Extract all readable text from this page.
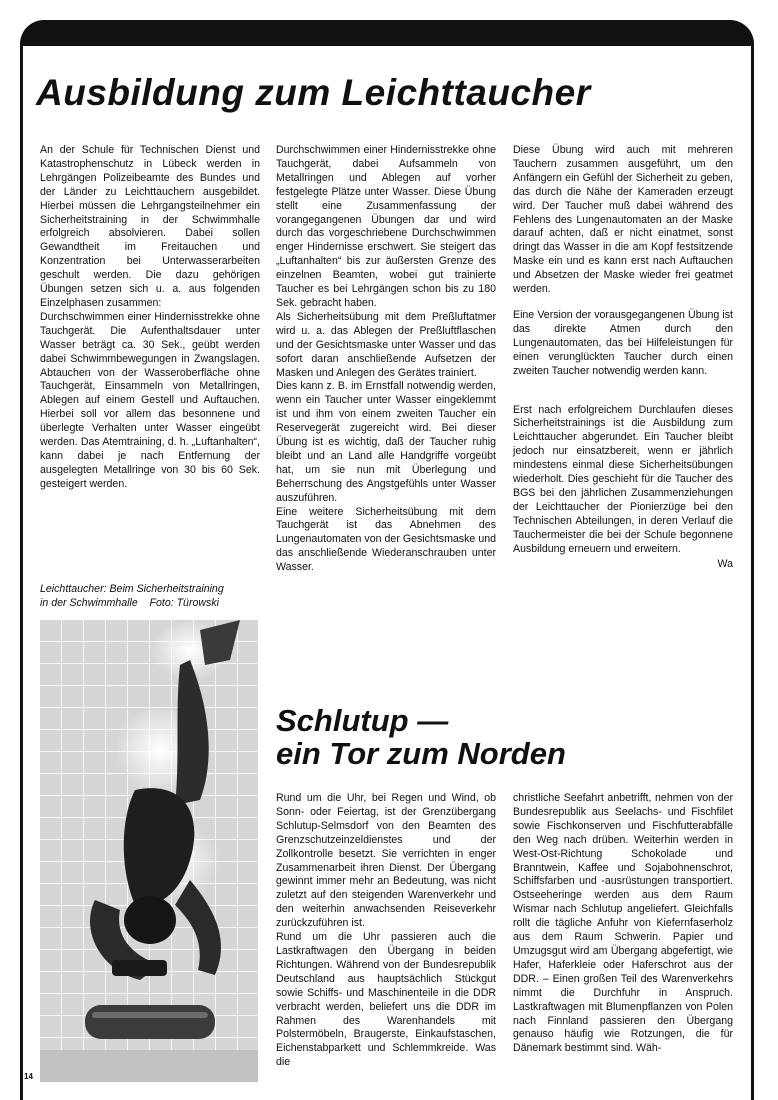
Ausbildung zum Leichttaucher

An der Schule für Technischen Dienst und Katastrophenschutz in Lübeck werden in Lehrgängen Polizeibeamte des Bundes und der Länder zu Leichttauchern ausgebildet. Hierbei müssen die Lehrgangsteilnehmer ein Sicherheitstraining in der Schwimmhalle erfolgreich absolvieren. Dabei sollen Gewandtheit im Freitauchen und Konzentration bei Unterwasserarbeiten geschult werden. Die dazu gehörigen Übungen setzen sich u. a. aus folgenden Einzelphasen zusammen:

Durchschwimmen einer Hindernisstrekke ohne Tauchgerät. Die Aufenthaltsdauer unter Wasser beträgt ca. 30 Sek., geübt werden dabei Schwimmbewegungen in Zwangslagen. Abtauchen von der Wasseroberfläche ohne Tauchgerät, Einsammeln von Metallringen, Ablegen auf einem Gestell und Auftauchen. Hierbei soll vor allem das besonnene und überlegte Verhalten unter Wasser eingeübt werden. Das Atemtraining, d. h. „Luftanhalten“, kann dabei je nach Entfernung der ausgelegten Metallringe von 30 bis 60 Sek. gesteigert werden.

Durchschwimmen einer Hindernisstrekke ohne Tauchgerät, dabei Aufsammeln von Metallringen und Ablegen auf vorher festgelegte Plätze unter Wasser. Diese Übung stellt eine Zusammenfassung der vorangegangenen Übungen dar und wird durch das vorgeschriebene Durchschwimmen enger Hindernisse erschwert. Sie steigert das „Luftanhalten“ bis zur äußersten Grenze des einzelnen Beamten, wobei gut trainierte Taucher es bei Lehrgängen schon bis zu 180 Sek. gebracht haben.

Als Sicherheitsübung mit dem Preßluftatmer wird u. a. das Ablegen der Preßluftflaschen und der Gesichtsmaske unter Wasser und das sofort daran anschließende Aufsetzen der Masken und Anlegen des Gerätes trainiert.

Dies kann z. B. im Ernstfall notwendig werden, wenn ein Taucher unter Wasser eingeklemmt ist und ihm von einem zweiten Taucher ein Reservegerät zugereicht wird. Bei dieser Übung ist es wichtig, daß der Taucher ruhig bleibt und an Land alle Handgriffe vorgeübt hat, um sie nun mit Überlegung und Beherrschung des Angstgefühls unter Wasser auszuführen.

Eine weitere Sicherheitsübung mit dem Tauchgerät ist das Abnehmen des Lungenautomaten von der Gesichtsmaske und das anschließende Wiederanschrauben unter Wasser.

Diese Übung wird auch mit mehreren Tauchern zusammen ausgeführt, um den Anfängern ein Gefühl der Sicherheit zu geben, das durch die Nähe der Kameraden erzeugt wird. Der Taucher muß dabei während des Fehlens des Lungenautomaten an der Maske darauf achten, daß er nicht einatmet, sonst dringt das Wasser in die am Kopf festsitzende Maske ein und es kann erst nach Auftauchen und Absetzen der Maske wieder frei geatmet werden.

Eine Version der vorausgegangenen Übung ist das direkte Atmen durch den Lungenautomaten, das bei Hilfeleistungen für einen verunglückten Taucher durch einen zweiten Taucher notwendig werden kann.

Erst nach erfolgreichem Durchlaufen dieses Sicherheitstrainings ist die Ausbildung zum Leichttaucher abgerundet. Ein Taucher bleibt jedoch nur einsatzbereit, wenn er jährlich mindestens einmal diese Sicherheitsübungen wiederholt. Dies geschieht für die Taucher des BGS bei den jährlichen Zusammenziehungen der Leichttaucher der Pionierzüge bei den Technischen Abteilungen, in deren Verlauf die Tauchermeister die bei der Schule begonnene Ausbildung erneuern und erweitern.

Wa
Leichttaucher: Beim Sicherheitstraining
in der Schwimmhalle    Foto: Türowski
Schlutup —
ein Tor zum Norden

Rund um die Uhr, bei Regen und Wind, ob Sonn- oder Feiertag, ist der Grenzübergang Schlutup-Selmsdorf von den Beamten des Grenzschutzeinzeldienstes und der Zollkontrolle besetzt. Sie verrichten in enger Zusammenarbeit ihren Dienst. Der Übergang gewinnt immer mehr an Bedeutung, was nicht zuletzt auf den steigenden Warenverkehr und den weiterhin anwachsenden Reiseverkehr zurückzuführen ist.

Rund um die Uhr passieren auch die Lastkraftwagen den Übergang in beiden Richtungen. Während von der Bundesrepublik Deutschland aus hauptsächlich Stückgut sowie Schiffs- und Maschinenteile in die DDR verbracht werden, beliefert uns die DDR im Rahmen des Warenhandels mit Polstermöbeln, Braugerste, Einkaufstaschen, Eichenstabparkett und Schlemmkreide. Was die

christliche Seefahrt anbetrifft, nehmen von der Bundesrepublik aus Seelachs- und Fischfilet sowie Fischkonserven und Fischfutterabfälle den Weg nach drüben. Weiterhin werden in West-Ost-Richtung Schokolade und Branntwein, Kaffee und Sojabohnenschrot, Schiffsfarben und -ausrüstungen transportiert. Ostseeheringe werden aus dem Raum Wismar nach Schlutup angeliefert. Gleichfalls rollt die tägliche Anfuhr von Kiefernfaserholz aus dem Raum Schwerin. Papier und Umzugsgut wird am Übergang abgefertigt, wie Hafer, Haferkleie oder Haferschrot aus der DDR. – Einen großen Teil des Warenverkehrs nimmt die Durchfuhr in Anspruch. Lastkraftwagen mit Blumenpflanzen von Polen nach Finnland passieren den Übergang genauso häufig wie Rotzungen, die für Dänemark bestimmt sind. Wäh-

14
